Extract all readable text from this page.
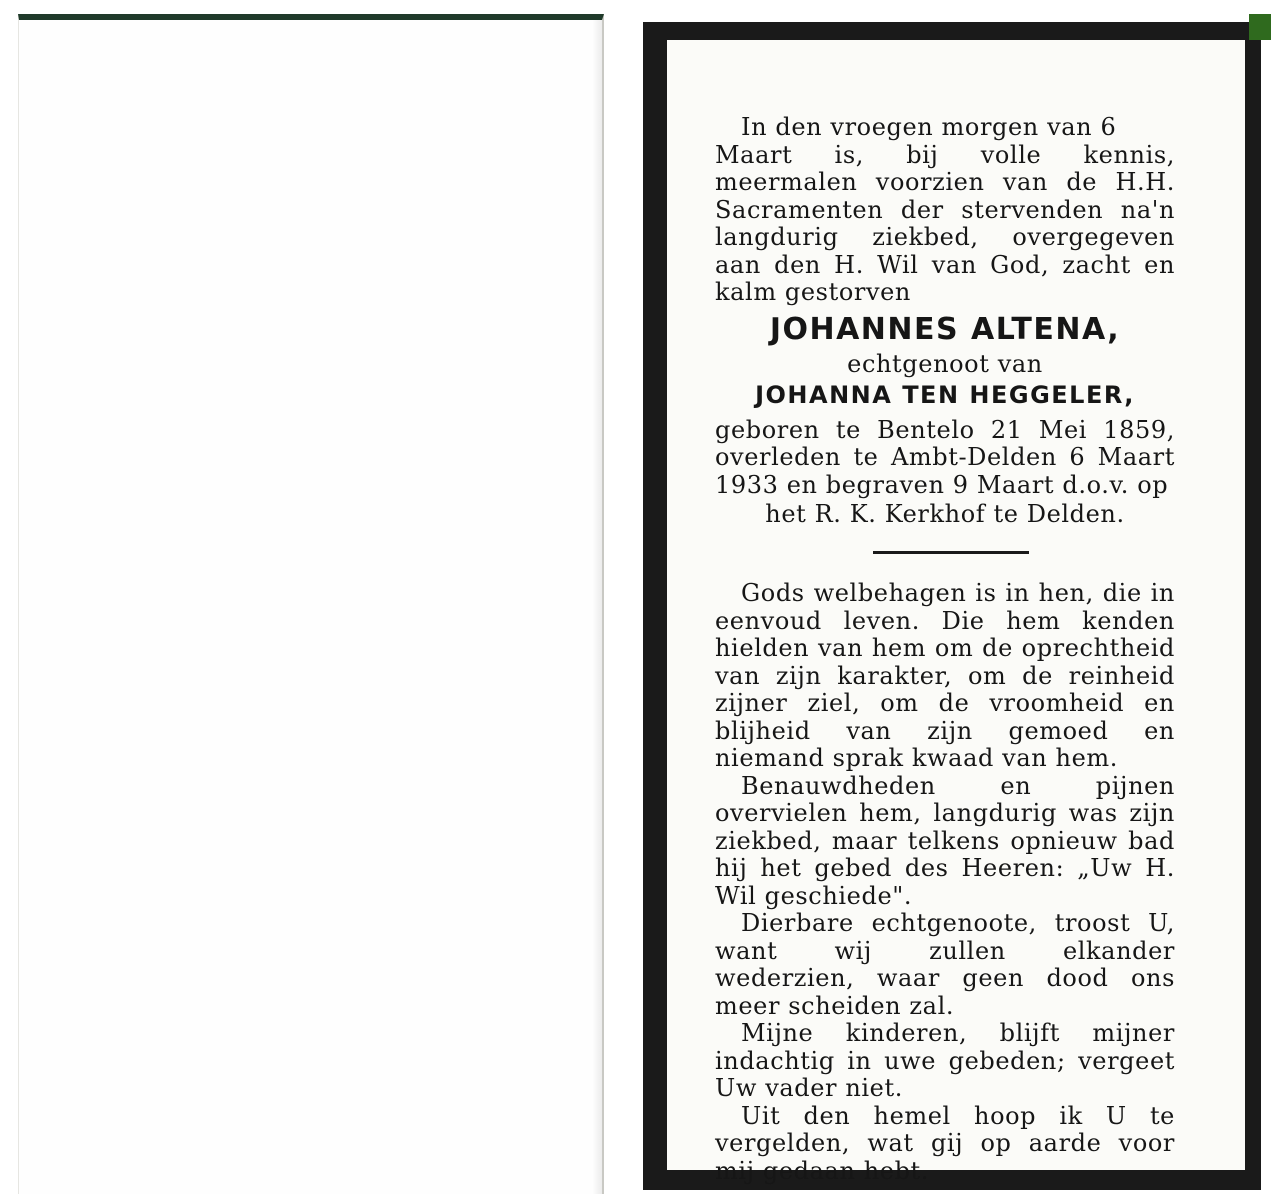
In den vroegen morgen van 6
Maart is, bij volle kennis, meermalen voorzien van de H.H. Sacramenten der stervenden na'n langdurig ziekbed, overgegeven aan den H. Wil van God, zacht en kalm gestorven

JOHANNES ALTENA,

echtgenoot van

JOHANNA TEN HEGGELER,

geboren te Bentelo 21 Mei 1859, overleden te Ambt-Delden 6 Maart 1933 en begraven 9 Maart d.o.v. op

het R. K. Kerkhof te Delden.

Gods welbehagen is in hen, die in eenvoud leven. Die hem kenden hielden van hem om de oprechtheid van zijn karakter, om de reinheid zijner ziel, om de vroomheid en blijheid van zijn gemoed en niemand sprak kwaad van hem.

Benauwdheden en pijnen overvielen hem, langdurig was zijn ziekbed, maar telkens opnieuw bad hij het gebed des Heeren: „Uw H. Wil geschiede".

Dierbare echtgenoote, troost U, want wij zullen elkander wederzien, waar geen dood ons meer scheiden zal.

Mijne kinderen, blijft mijner indachtig in uwe gebeden; vergeet Uw vader niet.

Uit den hemel hoop ik U te vergelden, wat gij op aarde voor mij gedaan hebt.
